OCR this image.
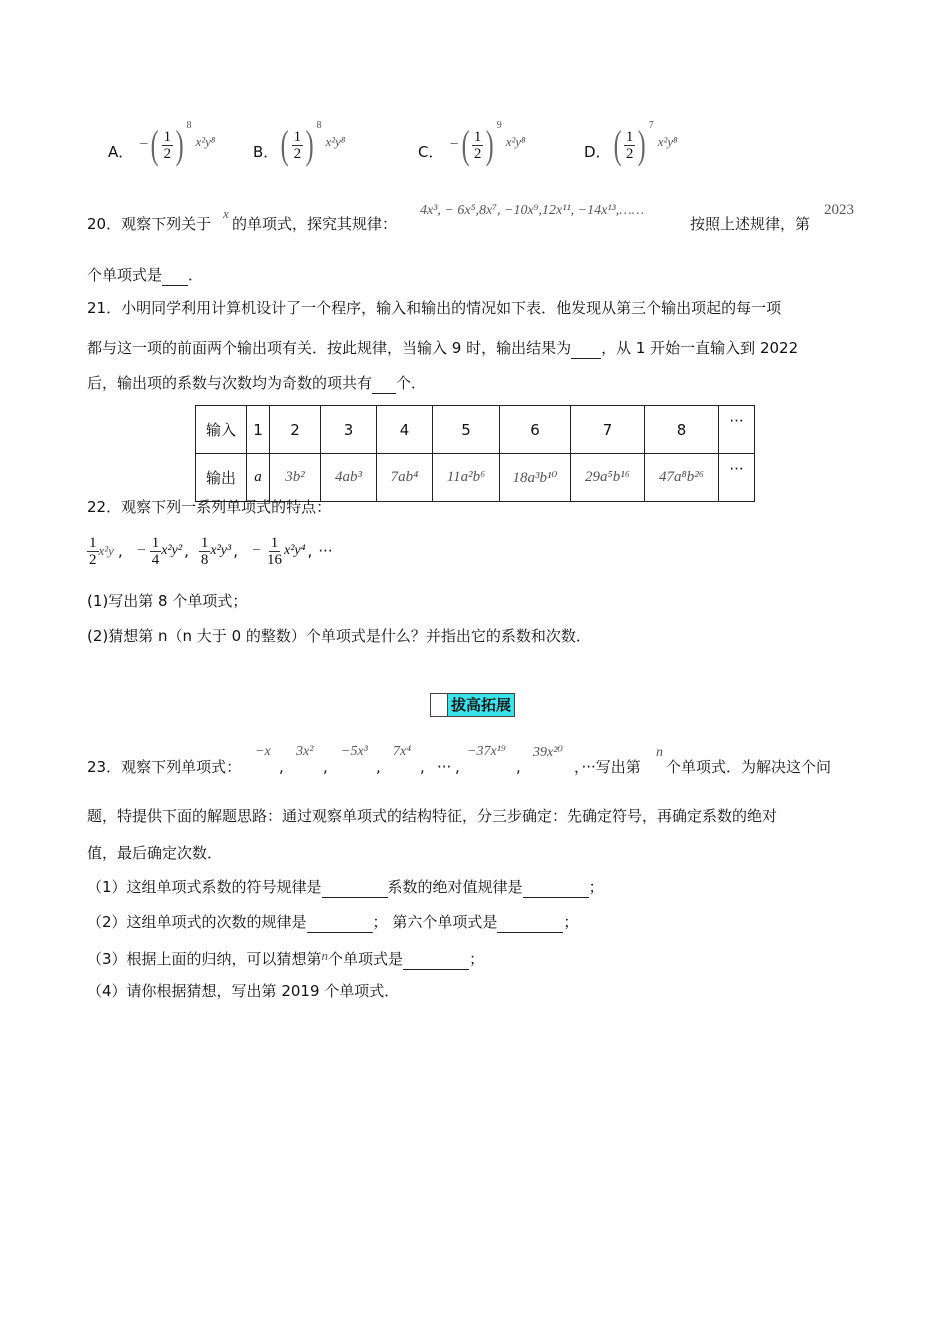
A ． − ( $\frac{1}{2}$ ) 8
x²y⁸
B ． ( $\frac{1}{2}$ ) 8
x²y⁸
C ． − ( $\frac{1}{2}$ ) 9
x²y⁸
D ． ( $\frac{1}{2}$ ) 7
x²y⁸
20．观察下列关于
x
的单项式，探究其规律：
4x³, − 6x⁵,8x⁷, −10x⁹,12x¹¹, −14x¹³,……
按照上述规律，第
2023
个单项式是 ．
21．小明同学利用计算机设计了一个程序，输入和输出的情况如下表．他发现从第三个输出项起的每一项
都与这一项的前面两个输出项有关．按此规律，当输入 9 时，输出结果为 ，从 1 开始一直输入到 2022
后，输出项的系数与次数均为奇数的项共有 个．
输入	1	2	3	4	5	6	7	8	···
输出	a	3b²	4ab³	7ab⁴	11a²b⁶	18a³b¹⁰	29a⁵b¹⁶	47a⁸b²⁶	···
22．观察下列一系列单项式的特点：
$\frac{1}{2} x^2y$ , − $\frac{1}{4} x^2y^2$ , $\frac{1}{8} x^2y^3$ , − $\frac{1}{16} x^2y^4$ , ···
(1)写出第 8 个单项式；
(2)猜想第 n（n 大于 0 的整数）个单项式是什么？并指出它的系数和次数．
拔高拓展
23．观察下列单项式：
−x
,
3x²
,
−5x³
,
7x⁴
, ··· ,
−37x¹⁹
,
39x²⁰
，···写出第
n
个单项式．为解决这个问
题，特提供下面的解题思路：通过观察单项式的结构特征，分三步确定：先确定符号，再确定系数的绝对
值，最后确定次数．
（1）这组单项式系数的符号规律是	系数的绝对值规律是	；
（2）这组单项式的次数的规律是	； 第六个单项式是	；
（3）根据上面的归纳，可以猜想第n个单项式是	；
（4）请你根据猜想，写出第 2019 个单项式．
